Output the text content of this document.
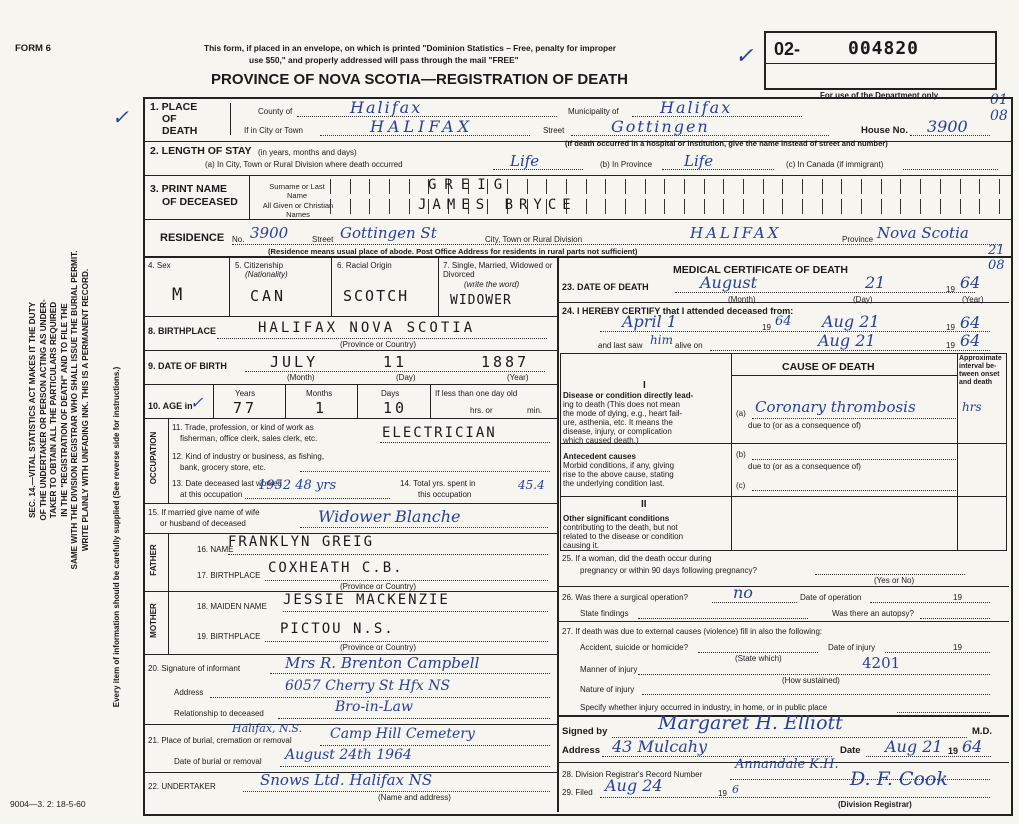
FORM 6	This form, if placed in an envelope, on which is printed "Dominion Statistics – Free, penalty for improper
use $50," and properly addressed will pass through the mail "FREE"
PROVINCE OF NOVA SCOTIA—REGISTRATION OF DEATH
✓ 02-	004820
For use of the Department only	01
08
21
08
SEC. 14.—VITAL STATISTICS ACT MAKES IT THE DUTY OF THE UNDERTAKER OR PERSON ACTING AS UNDER- TAKER TO OBTAIN ALL THE PARTICULARS REQUIRED IN THE "REGISTRATION OF DEATH" AND TO FILE THE SAME WITH THE DIVISION REGISTRAR WHO SHALL ISSUE THE BURIAL PERMIT. WRITE PLAINLY WITH UNFADING INK. THIS IS A PERMANENT RECORD.	Every item of information should be carefully supplied (See reverse side for instructions.)
✓ 1. PLACE
OF
DEATH
County of	Halifax	Municipality of	Halifax
If in City or Town	HALIFAX	Street	Gottingen	House No. 3900
(If death occurred in a hospital or institution, give the name instead of street and number)
2. LENGTH OF STAY (in years, months and days)
(a) In City, Town or Rural Division where death occurred	Life	(b) In Province Life	(c) In Canada (if immigrant)
3. PRINT NAME
OF DECEASED
Surname or Last Name
All Given or Christian Names
GREIG
JAMES BRYCE
RESIDENCE No. 3900	Street Gottingen St	City, Town or Rural Division	HALIFAX	Province Nova Scotia
(Residence means usual place of abode. Post Office Address for residents in rural parts not sufficient)
4. Sex
M
5. Citizenship
(Nationality)
CAN
6. Racial Origin
SCOTCH
7. Single, Married, Widowed or Divorced
(write the word)
WIDOWER
8. BIRTHPLACE	HALIFAX NOVA SCOTIA
(Province or Country)
9. DATE OF BIRTH	JULY	11	1887
(Month)	(Day)	(Year)
10. AGE in
✓	Years	Months	Days
77	1	10
If less than one day old
hrs. or	min.
OCCUPATION
11. Trade, profession, or kind of work as
fisherman, office clerk, sales clerk, etc.	ELECTRICIAN
12. Kind of industry or business, as fishing,
bank, grocery store, etc.
13. Date deceased last worked
at this occupation
1952 48 yrs	14. Total yrs. spent in
this occupation
45.4
15. If married give name of wife
or husband of deceased	Widower Blanche
FATHER	16. NAME
FRANKLYN GREIG
17. BIRTHPLACE COXHEATH C.B.
(Province or Country)
MOTHER	18. MAIDEN NAME JESSIE MACKENZIE
19. BIRTHPLACE PICTOU N.S.
(Province or Country)
20. Signature of informant	Mrs R. Brenton Campbell
Address	6057 Cherry St Hfx NS
Relationship to deceased	Bro-in-Law
Halifax, N.S.
21. Place of burial, cremation or removal	Camp Hill Cemetery
Date of burial or removal August 24th 1964
22. UNDERTAKER	Snows Ltd. Halifax NS
(Name and address)
MEDICAL CERTIFICATE OF DEATH
23. DATE OF DEATH	August	21	19 64
(Month)	(Day)	(Year)
24. I HEREBY CERTIFY that I attended deceased from:
April 1	19 64 Aug 21	19 64
and last saw him alive on	Aug 21	19 64
CAUSE OF DEATH
Approximate interval be-tween onset and death
I
Disease or condition directly lead-
ing to death (This does not mean
the mode of dying, e.g., heart fail-
ure, asthenia, etc. It means the
disease, injury, or complication
which caused death.)
(a) Coronary thrombosis	hrs
due to (or as a consequence of)
Antecedent causes
Morbid conditions, if any, giving
rise to the above cause, stating
the underlying condition last.
(b)
due to (or as a consequence of)
(c)
II
Other significant conditions
contributing to the death, but not
related to the disease or condition
causing it.
25. If a woman, did the death occur during
pregnancy or within 90 days following pregnancy?
(Yes or No)
26. Was there a surgical operation?	no	Date of operation	19
State findings	Was there an autopsy?
27. If death was due to external causes (violence) fill in also the following:
Accident, suicide or homicide?	Date of injury	19
(State which)
Manner of injury	4201
(How sustained)
Nature of injury
Specify whether injury occurred in industry, in home, or in public place
Signed by	Margaret H. Elliott	M.D.
Address 43 Mulcahy	Date Aug 21 19 64
28. Division Registrar's Record Number
Annandale K.H.
29. Filed Aug 24	19 6	D. F. Cook
(Division Registrar)
9004—3. 2: 18-5-60
